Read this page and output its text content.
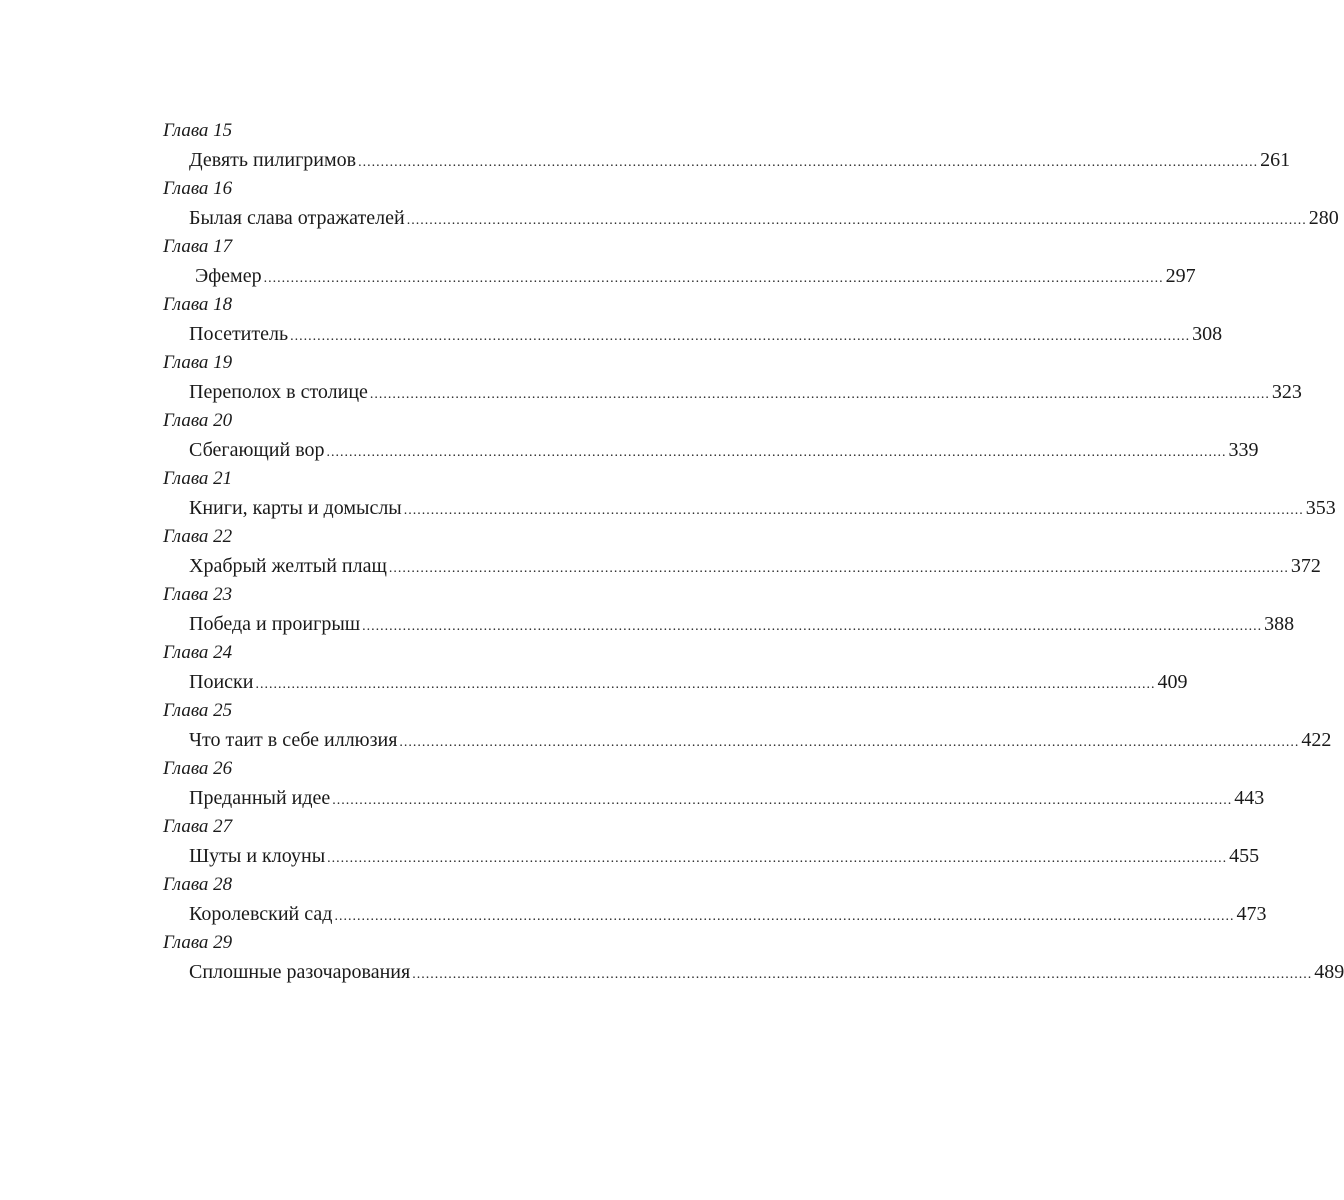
Глава 15
Девять пилигримов ........................................................................................................................................................................................................ 261
Глава 16
Былая слава отражателей ........................................................................................................................................................................................................ 280
Глава 17
Эфемер ........................................................................................................................................................................................................ 297
Глава 18
Посетитель ........................................................................................................................................................................................................ 308
Глава 19
Переполох в столице ........................................................................................................................................................................................................ 323
Глава 20
Сбегающий вор ........................................................................................................................................................................................................ 339
Глава 21
Книги, карты и домыслы ........................................................................................................................................................................................................ 353
Глава 22
Храбрый желтый плащ ........................................................................................................................................................................................................ 372
Глава 23
Победа и проигрыш ........................................................................................................................................................................................................ 388
Глава 24
Поиски ........................................................................................................................................................................................................ 409
Глава 25
Что таит в себе иллюзия ........................................................................................................................................................................................................ 422
Глава 26
Преданный идее ........................................................................................................................................................................................................ 443
Глава 27
Шуты и клоуны ........................................................................................................................................................................................................ 455
Глава 28
Королевский сад ........................................................................................................................................................................................................ 473
Глава 29
Сплошные разочарования ........................................................................................................................................................................................................ 489
